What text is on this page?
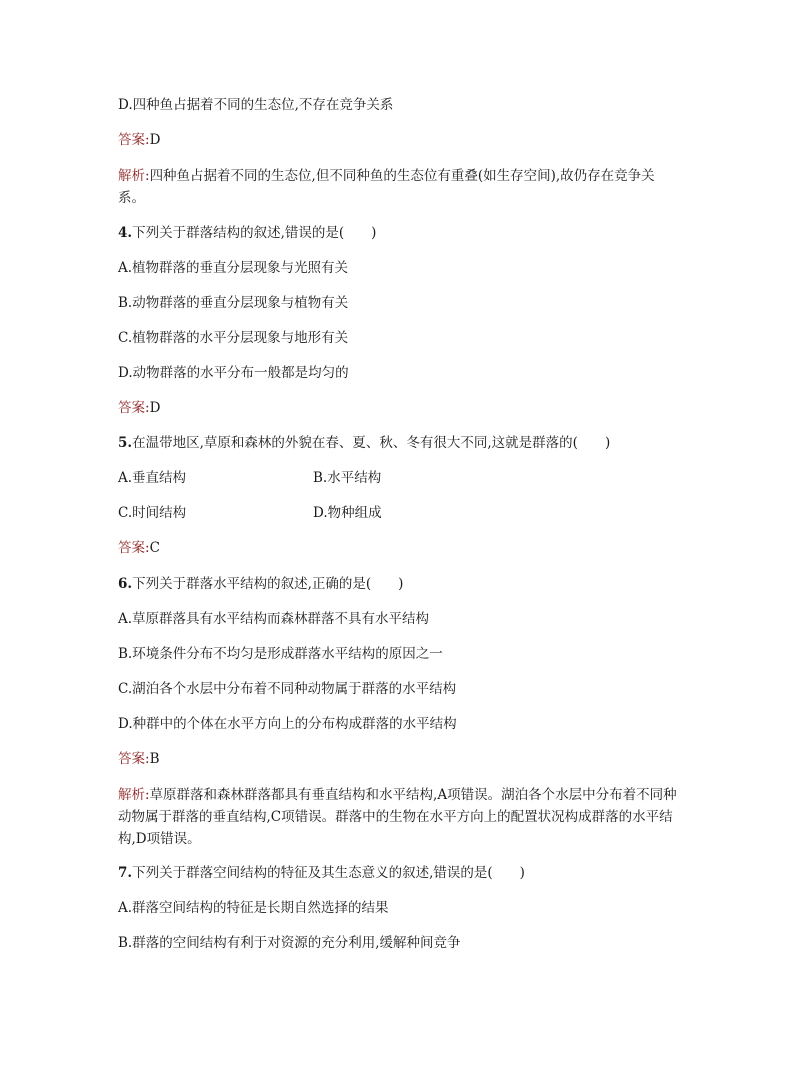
D.四种鱼占据着不同的生态位,不存在竞争关系
答案:D
解析:四种鱼占据着不同的生态位,但不同种鱼的生态位有重叠(如生存空间),故仍存在竞争关系。
4.下列关于群落结构的叙述,错误的是(　　)
A.植物群落的垂直分层现象与光照有关
B.动物群落的垂直分层现象与植物有关
C.植物群落的水平分层现象与地形有关
D.动物群落的水平分布一般都是均匀的
答案:D
5.在温带地区,草原和森林的外貌在春、夏、秋、冬有很大不同,这就是群落的(　　)
A.垂直结构	B.水平结构
C.时间结构	D.物种组成
答案:C
6.下列关于群落水平结构的叙述,正确的是(　　)
A.草原群落具有水平结构而森林群落不具有水平结构
B.环境条件分布不均匀是形成群落水平结构的原因之一
C.湖泊各个水层中分布着不同种动物属于群落的水平结构
D.种群中的个体在水平方向上的分布构成群落的水平结构
答案:B
解析:草原群落和森林群落都具有垂直结构和水平结构,A项错误。湖泊各个水层中分布着不同种动物属于群落的垂直结构,C项错误。群落中的生物在水平方向上的配置状况构成群落的水平结构,D项错误。
7.下列关于群落空间结构的特征及其生态意义的叙述,错误的是(　　)
A.群落空间结构的特征是长期自然选择的结果
B.群落的空间结构有利于对资源的充分利用,缓解种间竞争
